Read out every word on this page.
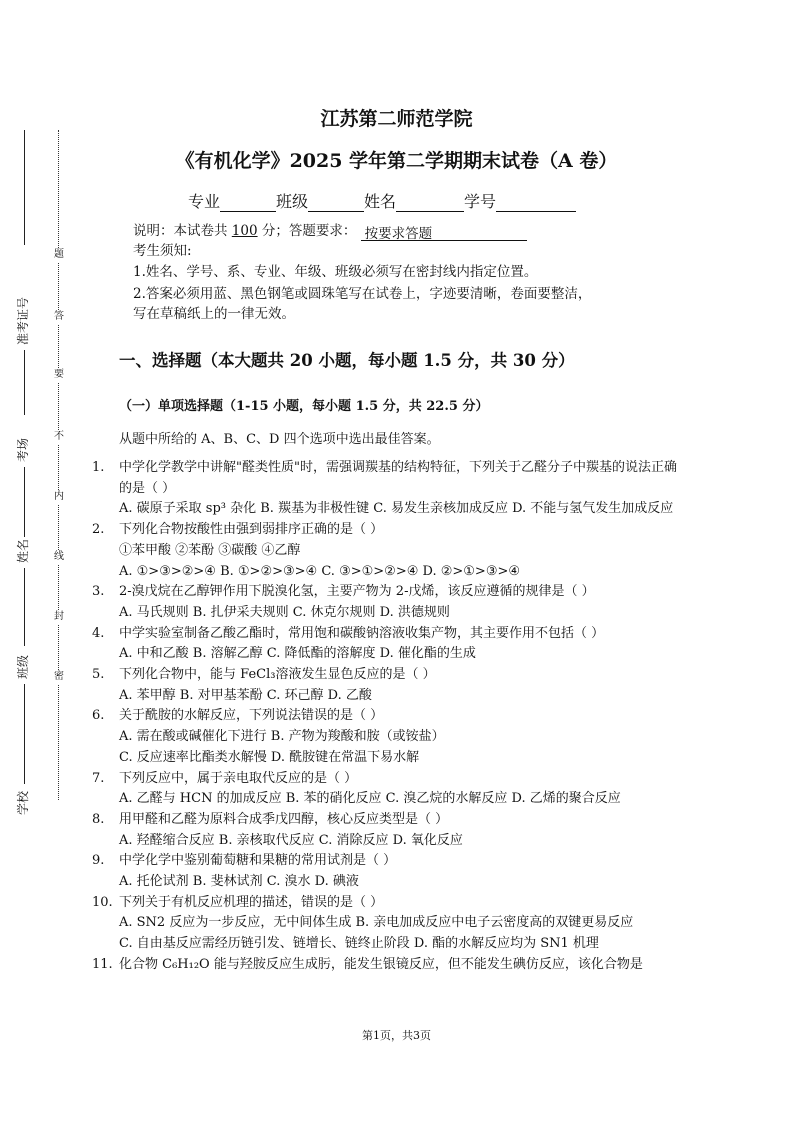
准考证号
考场
姓名
班级
学校
题
答
要
不
内
线
封
密
江苏第二师范学院
《有机化学》2025 学年第二学期期末试卷（A 卷）
专业	班级	姓名	学号
说明：本试卷共 100 分；答题要求： 按要求答题
考生须知:
1.姓名、学号、系、专业、年级、班级必须写在密封线内指定位置。
2.答案必须用蓝、黑色钢笔或圆珠笔写在试卷上，字迹要清晰，卷面要整洁，
写在草稿纸上的一律无效。
一、选择题（本大题共 20 小题，每小题 1.5 分，共 30 分）
（一）单项选择题（1-15 小题，每小题 1.5 分，共 22.5 分）
从题中所给的 A、B、C、D 四个选项中选出最佳答案。
1. 中学化学教学中讲解"醛类性质"时，需强调羰基的结构特征，下列关于乙醛分子中羰基的说法正确的是（ ）
A. 碳原子采取 sp³ 杂化 B. 羰基为非极性键 C. 易发生亲核加成反应 D. 不能与氢气发生加成反应
2. 下列化合物按酸性由强到弱排序正确的是（ ）
①苯甲酸 ②苯酚 ③碳酸 ④乙醇
A. ①>③>②>④ B. ①>②>③>④ C. ③>①>②>④ D. ②>①>③>④
3. 2-溴戊烷在乙醇钾作用下脱溴化氢，主要产物为 2-戊烯，该反应遵循的规律是（ ）
A. 马氏规则 B. 扎伊采夫规则 C. 休克尔规则 D. 洪德规则
4. 中学实验室制备乙酸乙酯时，常用饱和碳酸钠溶液收集产物，其主要作用不包括（ ）
A. 中和乙酸 B. 溶解乙醇 C. 降低酯的溶解度 D. 催化酯的生成
5. 下列化合物中，能与 FeCl₃溶液发生显色反应的是（ ）
A. 苯甲醇 B. 对甲基苯酚 C. 环己醇 D. 乙酸
6. 关于酰胺的水解反应，下列说法错误的是（ ）
A. 需在酸或碱催化下进行 B. 产物为羧酸和胺（或铵盐）
C. 反应速率比酯类水解慢 D. 酰胺键在常温下易水解
7. 下列反应中，属于亲电取代反应的是（ ）
A. 乙醛与 HCN 的加成反应 B. 苯的硝化反应 C. 溴乙烷的水解反应 D. 乙烯的聚合反应
8. 用甲醛和乙醛为原料合成季戊四醇，核心反应类型是（ ）
A. 羟醛缩合反应 B. 亲核取代反应 C. 消除反应 D. 氧化反应
9. 中学化学中鉴别葡萄糖和果糖的常用试剂是（ ）
A. 托伦试剂 B. 斐林试剂 C. 溴水 D. 碘液
10. 下列关于有机反应机理的描述，错误的是（ ）
A. SN2 反应为一步反应，无中间体生成 B. 亲电加成反应中电子云密度高的双键更易反应
C. 自由基反应需经历链引发、链增长、链终止阶段 D. 酯的水解反应均为 SN1 机理
11. 化合物 C₆H₁₂O 能与羟胺反应生成肟，能发生银镜反应，但不能发生碘仿反应，该化合物是
第1页，共3页
